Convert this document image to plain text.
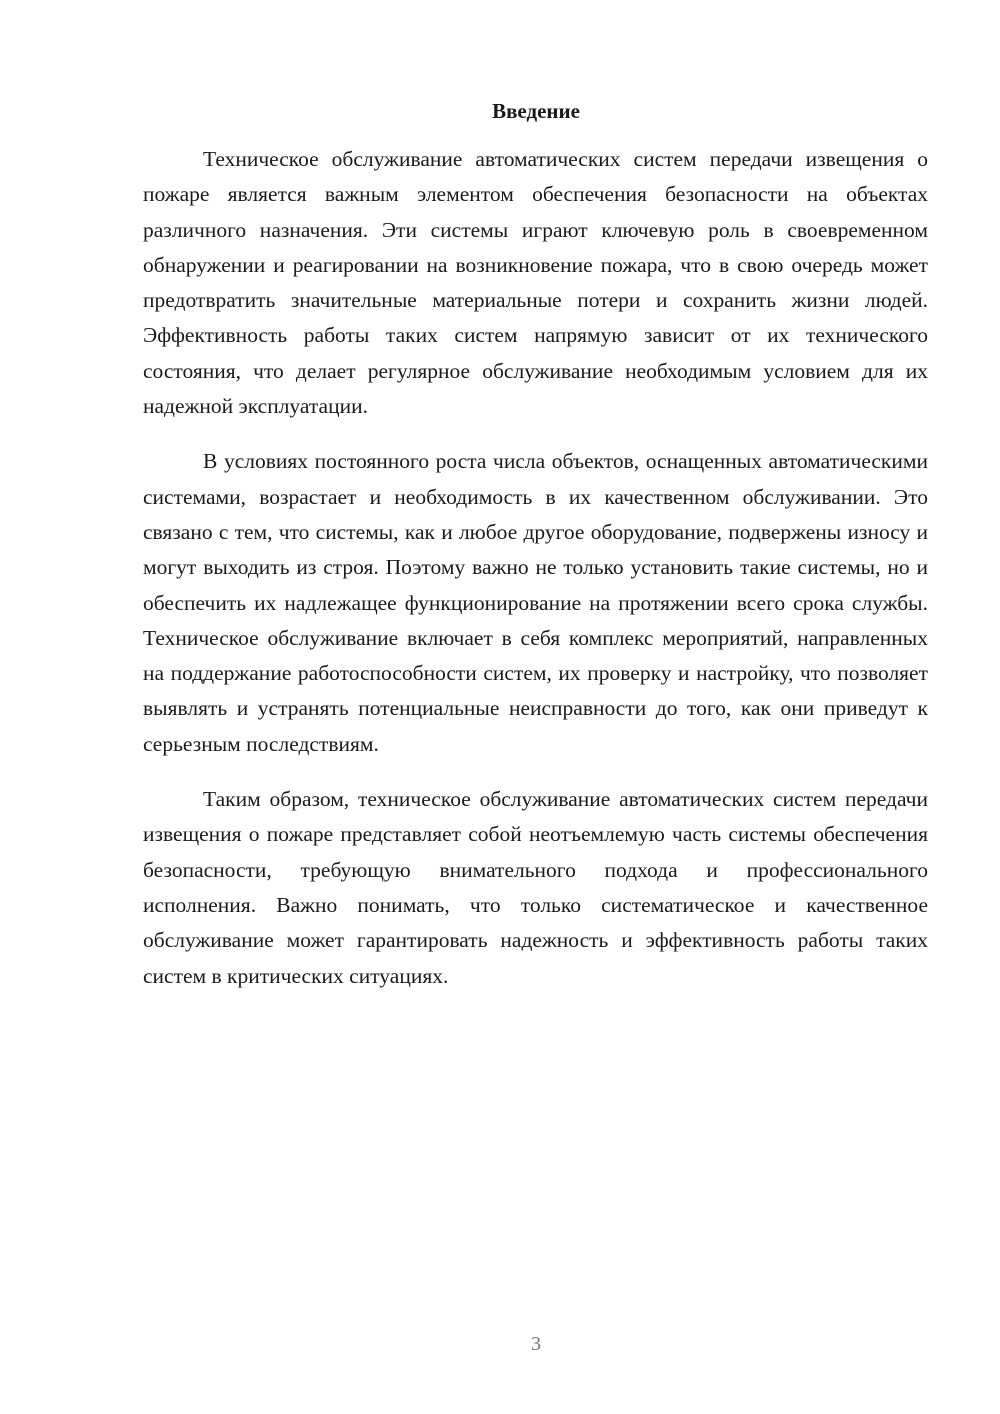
Введение

Техническое обслуживание автоматических систем передачи извещения о пожаре является важным элементом обеспечения безопасности на объектах различного назначения. Эти системы играют ключевую роль в своевременном обнаружении и реагировании на возникновение пожара, что в свою очередь может предотвратить значительные материальные потери и сохранить жизни людей. Эффективность работы таких систем напрямую зависит от их технического состояния, что делает регулярное обслуживание необходимым условием для их надежной эксплуатации.

В условиях постоянного роста числа объектов, оснащенных автоматическими системами, возрастает и необходимость в их качественном обслуживании. Это связано с тем, что системы, как и любое другое оборудование, подвержены износу и могут выходить из строя. Поэтому важно не только установить такие системы, но и обеспечить их надлежащее функционирование на протяжении всего срока службы. Техническое обслуживание включает в себя комплекс мероприятий, направленных на поддержание работоспособности систем, их проверку и настройку, что позволяет выявлять и устранять потенциальные неисправности до того, как они приведут к серьезным последствиям.

Таким образом, техническое обслуживание автоматических систем передачи извещения о пожаре представляет собой неотъемлемую часть системы обеспечения безопасности, требующую внимательного подхода и профессионального исполнения. Важно понимать, что только систематическое и качественное обслуживание может гарантировать надежность и эффективность работы таких систем в критических ситуациях.

3
